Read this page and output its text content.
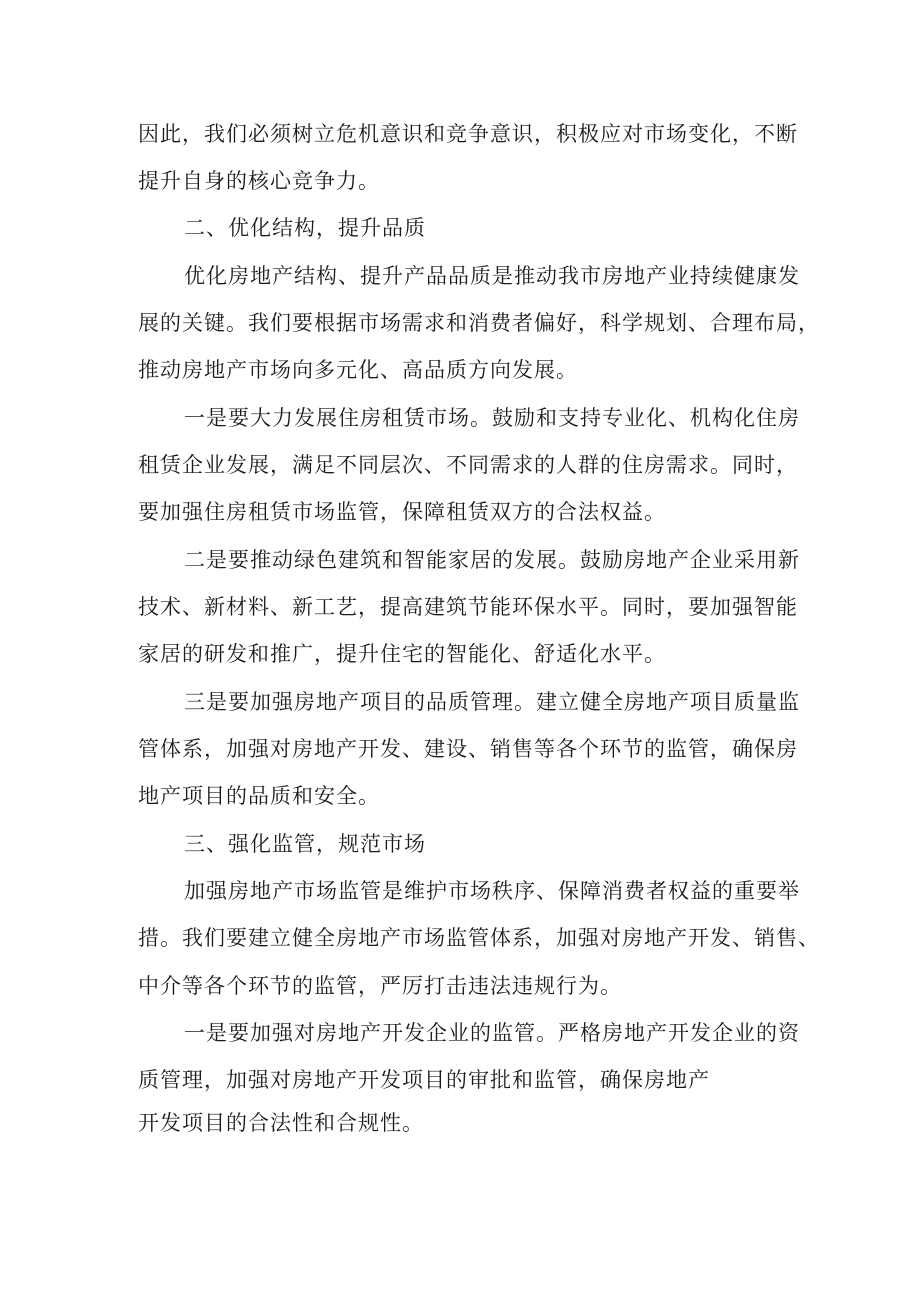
因此，我们必须树立危机意识和竞争意识，积极应对市场变化，不断
提升自身的核心竞争力。
二、优化结构，提升品质
优化房地产结构、提升产品品质是推动我市房地产业持续健康发
展的关键。我们要根据市场需求和消费者偏好，科学规划、合理布局，
推动房地产市场向多元化、高品质方向发展。
一是要大力发展住房租赁市场。鼓励和支持专业化、机构化住房
租赁企业发展，满足不同层次、不同需求的人群的住房需求。同时，
要加强住房租赁市场监管，保障租赁双方的合法权益。
二是要推动绿色建筑和智能家居的发展。鼓励房地产企业采用新
技术、新材料、新工艺，提高建筑节能环保水平。同时，要加强智能
家居的研发和推广，提升住宅的智能化、舒适化水平。
三是要加强房地产项目的品质管理。建立健全房地产项目质量监
管体系，加强对房地产开发、建设、销售等各个环节的监管，确保房
地产项目的品质和安全。
三、强化监管，规范市场
加强房地产市场监管是维护市场秩序、保障消费者权益的重要举
措。我们要建立健全房地产市场监管体系，加强对房地产开发、销售、
中介等各个环节的监管，严厉打击违法违规行为。
一是要加强对房地产开发企业的监管。严格房地产开发企业的资
质管理，加强对房地产开发项目的审批和监管，确保房地产
开发项目的合法性和合规性。
